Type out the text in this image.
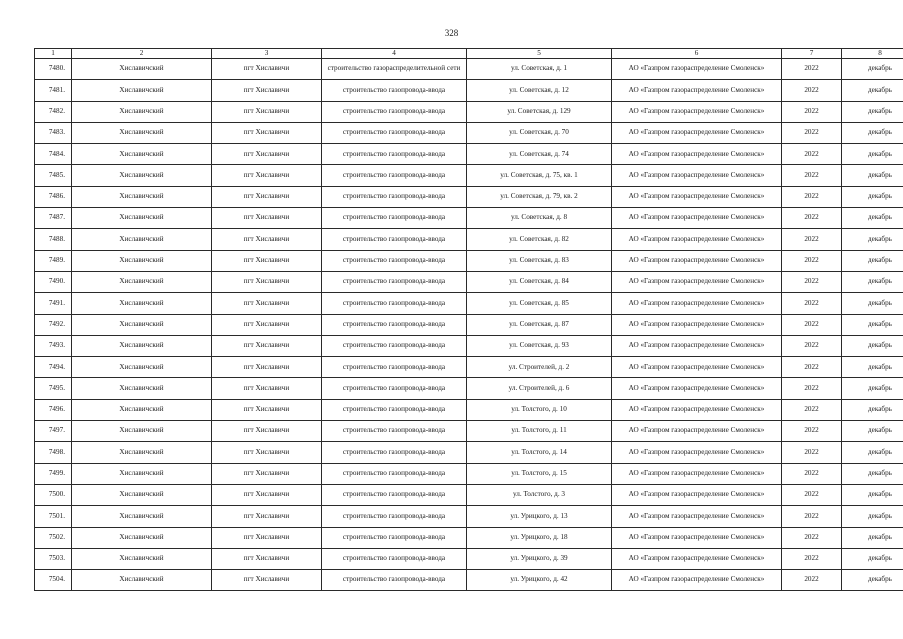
328
1	2	3	4	5	6	7	8
7480.	Хиславичский	пгт Хиславичи	строительство газораспределительной сети	ул. Советская, д. 1	АО «Газпром газораспределение Смоленск»	2022	декабрь
7481.	Хиславичский	пгт Хиславичи	строительство газопровода-ввода	ул. Советская, д. 12	АО «Газпром газораспределение Смоленск»	2022	декабрь
7482.	Хиславичский	пгт Хиславичи	строительство газопровода-ввода	ул. Советская, д. 129	АО «Газпром газораспределение Смоленск»	2022	декабрь
7483.	Хиславичский	пгт Хиславичи	строительство газопровода-ввода	ул. Советская, д. 70	АО «Газпром газораспределение Смоленск»	2022	декабрь
7484.	Хиславичский	пгт Хиславичи	строительство газопровода-ввода	ул. Советская, д. 74	АО «Газпром газораспределение Смоленск»	2022	декабрь
7485.	Хиславичский	пгт Хиславичи	строительство газопровода-ввода	ул. Советская, д. 75, кв. 1	АО «Газпром газораспределение Смоленск»	2022	декабрь
7486.	Хиславичский	пгт Хиславичи	строительство газопровода-ввода	ул. Советская, д. 79, кв. 2	АО «Газпром газораспределение Смоленск»	2022	декабрь
7487.	Хиславичский	пгт Хиславичи	строительство газопровода-ввода	ул. Советская, д. 8	АО «Газпром газораспределение Смоленск»	2022	декабрь
7488.	Хиславичский	пгт Хиславичи	строительство газопровода-ввода	ул. Советская, д. 82	АО «Газпром газораспределение Смоленск»	2022	декабрь
7489.	Хиславичский	пгт Хиславичи	строительство газопровода-ввода	ул. Советская, д. 83	АО «Газпром газораспределение Смоленск»	2022	декабрь
7490.	Хиславичский	пгт Хиславичи	строительство газопровода-ввода	ул. Советская, д. 84	АО «Газпром газораспределение Смоленск»	2022	декабрь
7491.	Хиславичский	пгт Хиславичи	строительство газопровода-ввода	ул. Советская, д. 85	АО «Газпром газораспределение Смоленск»	2022	декабрь
7492.	Хиславичский	пгт Хиславичи	строительство газопровода-ввода	ул. Советская, д. 87	АО «Газпром газораспределение Смоленск»	2022	декабрь
7493.	Хиславичский	пгт Хиславичи	строительство газопровода-ввода	ул. Советская, д. 93	АО «Газпром газораспределение Смоленск»	2022	декабрь
7494.	Хиславичский	пгт Хиславичи	строительство газопровода-ввода	ул. Строителей, д. 2	АО «Газпром газораспределение Смоленск»	2022	декабрь
7495.	Хиславичский	пгт Хиславичи	строительство газопровода-ввода	ул. Строителей, д. 6	АО «Газпром газораспределение Смоленск»	2022	декабрь
7496.	Хиславичский	пгт Хиславичи	строительство газопровода-ввода	ул. Толстого, д. 10	АО «Газпром газораспределение Смоленск»	2022	декабрь
7497.	Хиславичский	пгт Хиславичи	строительство газопровода-ввода	ул. Толстого, д. 11	АО «Газпром газораспределение Смоленск»	2022	декабрь
7498.	Хиславичский	пгт Хиславичи	строительство газопровода-ввода	ул. Толстого, д. 14	АО «Газпром газораспределение Смоленск»	2022	декабрь
7499.	Хиславичский	пгт Хиславичи	строительство газопровода-ввода	ул. Толстого, д. 15	АО «Газпром газораспределение Смоленск»	2022	декабрь
7500.	Хиславичский	пгт Хиславичи	строительство газопровода-ввода	ул. Толстого, д. 3	АО «Газпром газораспределение Смоленск»	2022	декабрь
7501.	Хиславичский	пгт Хиславичи	строительство газопровода-ввода	ул. Урицкого, д. 13	АО «Газпром газораспределение Смоленск»	2022	декабрь
7502.	Хиславичский	пгт Хиславичи	строительство газопровода-ввода	ул. Урицкого, д. 18	АО «Газпром газораспределение Смоленск»	2022	декабрь
7503.	Хиславичский	пгт Хиславичи	строительство газопровода-ввода	ул. Урицкого, д. 39	АО «Газпром газораспределение Смоленск»	2022	декабрь
7504.	Хиславичский	пгт Хиславичи	строительство газопровода-ввода	ул. Урицкого, д. 42	АО «Газпром газораспределение Смоленск»	2022	декабрь
